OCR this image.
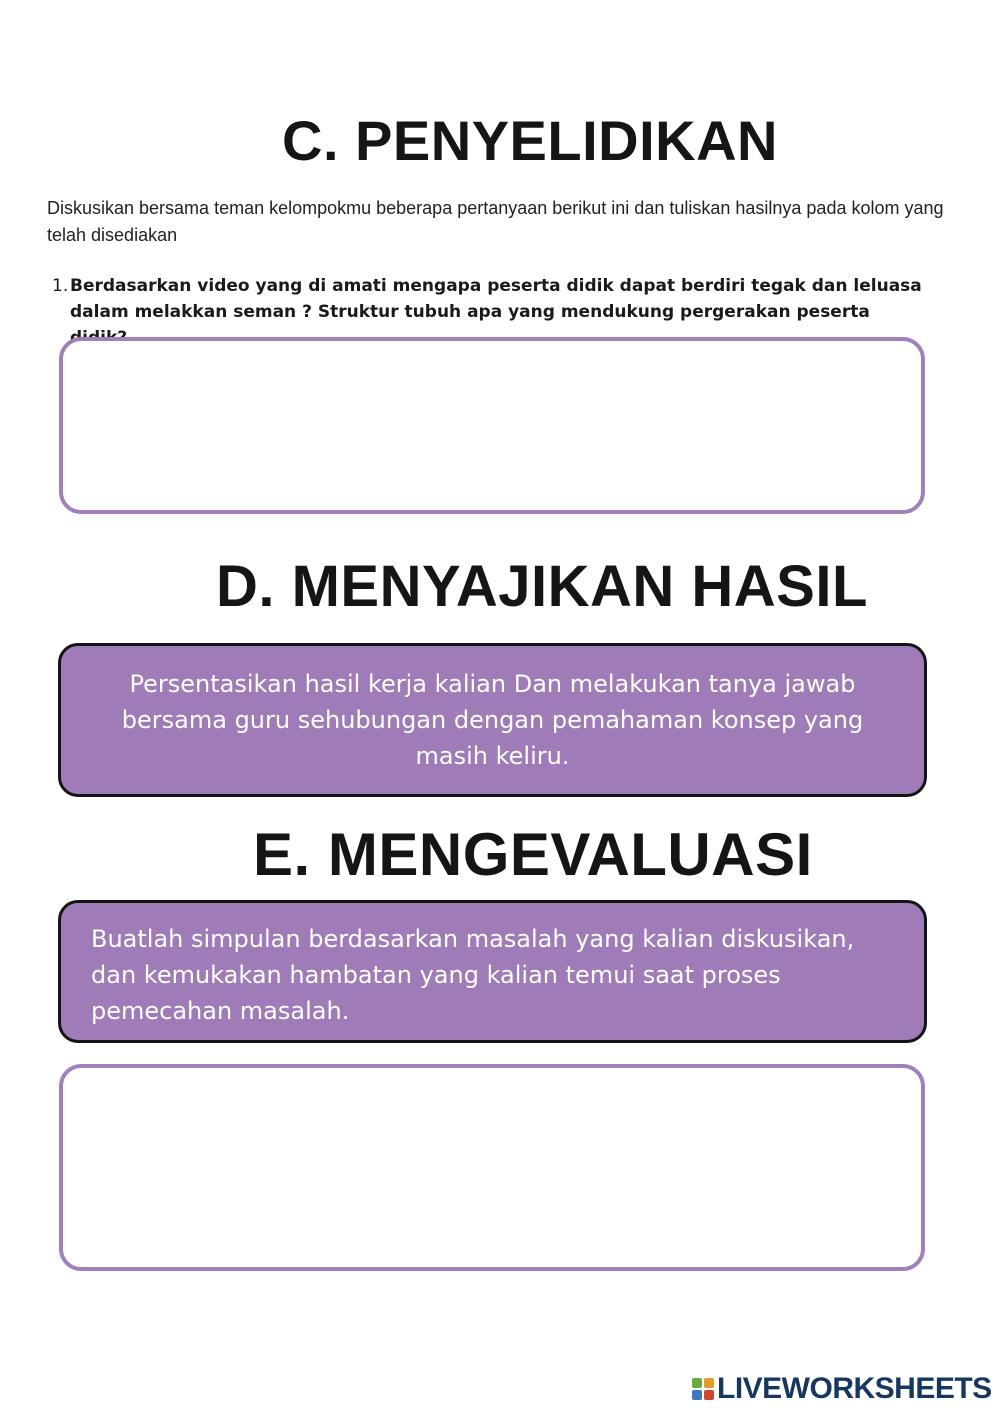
C. PENYELIDIKAN

Diskusikan bersama teman kelompokmu beberapa pertanyaan berikut ini dan tuliskan hasilnya pada kolom yang telah disediakan

1. Berdasarkan video yang di amati mengapa peserta didik dapat berdiri tegak dan leluasa dalam melakkan seman ? Struktur tubuh apa yang mendukung pergerakan peserta
D. MENYAJIKAN HASIL
Persentasikan hasil kerja kalian Dan melakukan tanya jawab bersama guru sehubungan dengan pemahaman konsep yang masih keliru.
E. MENGEVALUASI
Buatlah simpulan berdasarkan masalah yang kalian diskusikan, dan kemukakan hambatan yang kalian temui saat proses pemecahan masalah.
LIVEWORKSHEETS
